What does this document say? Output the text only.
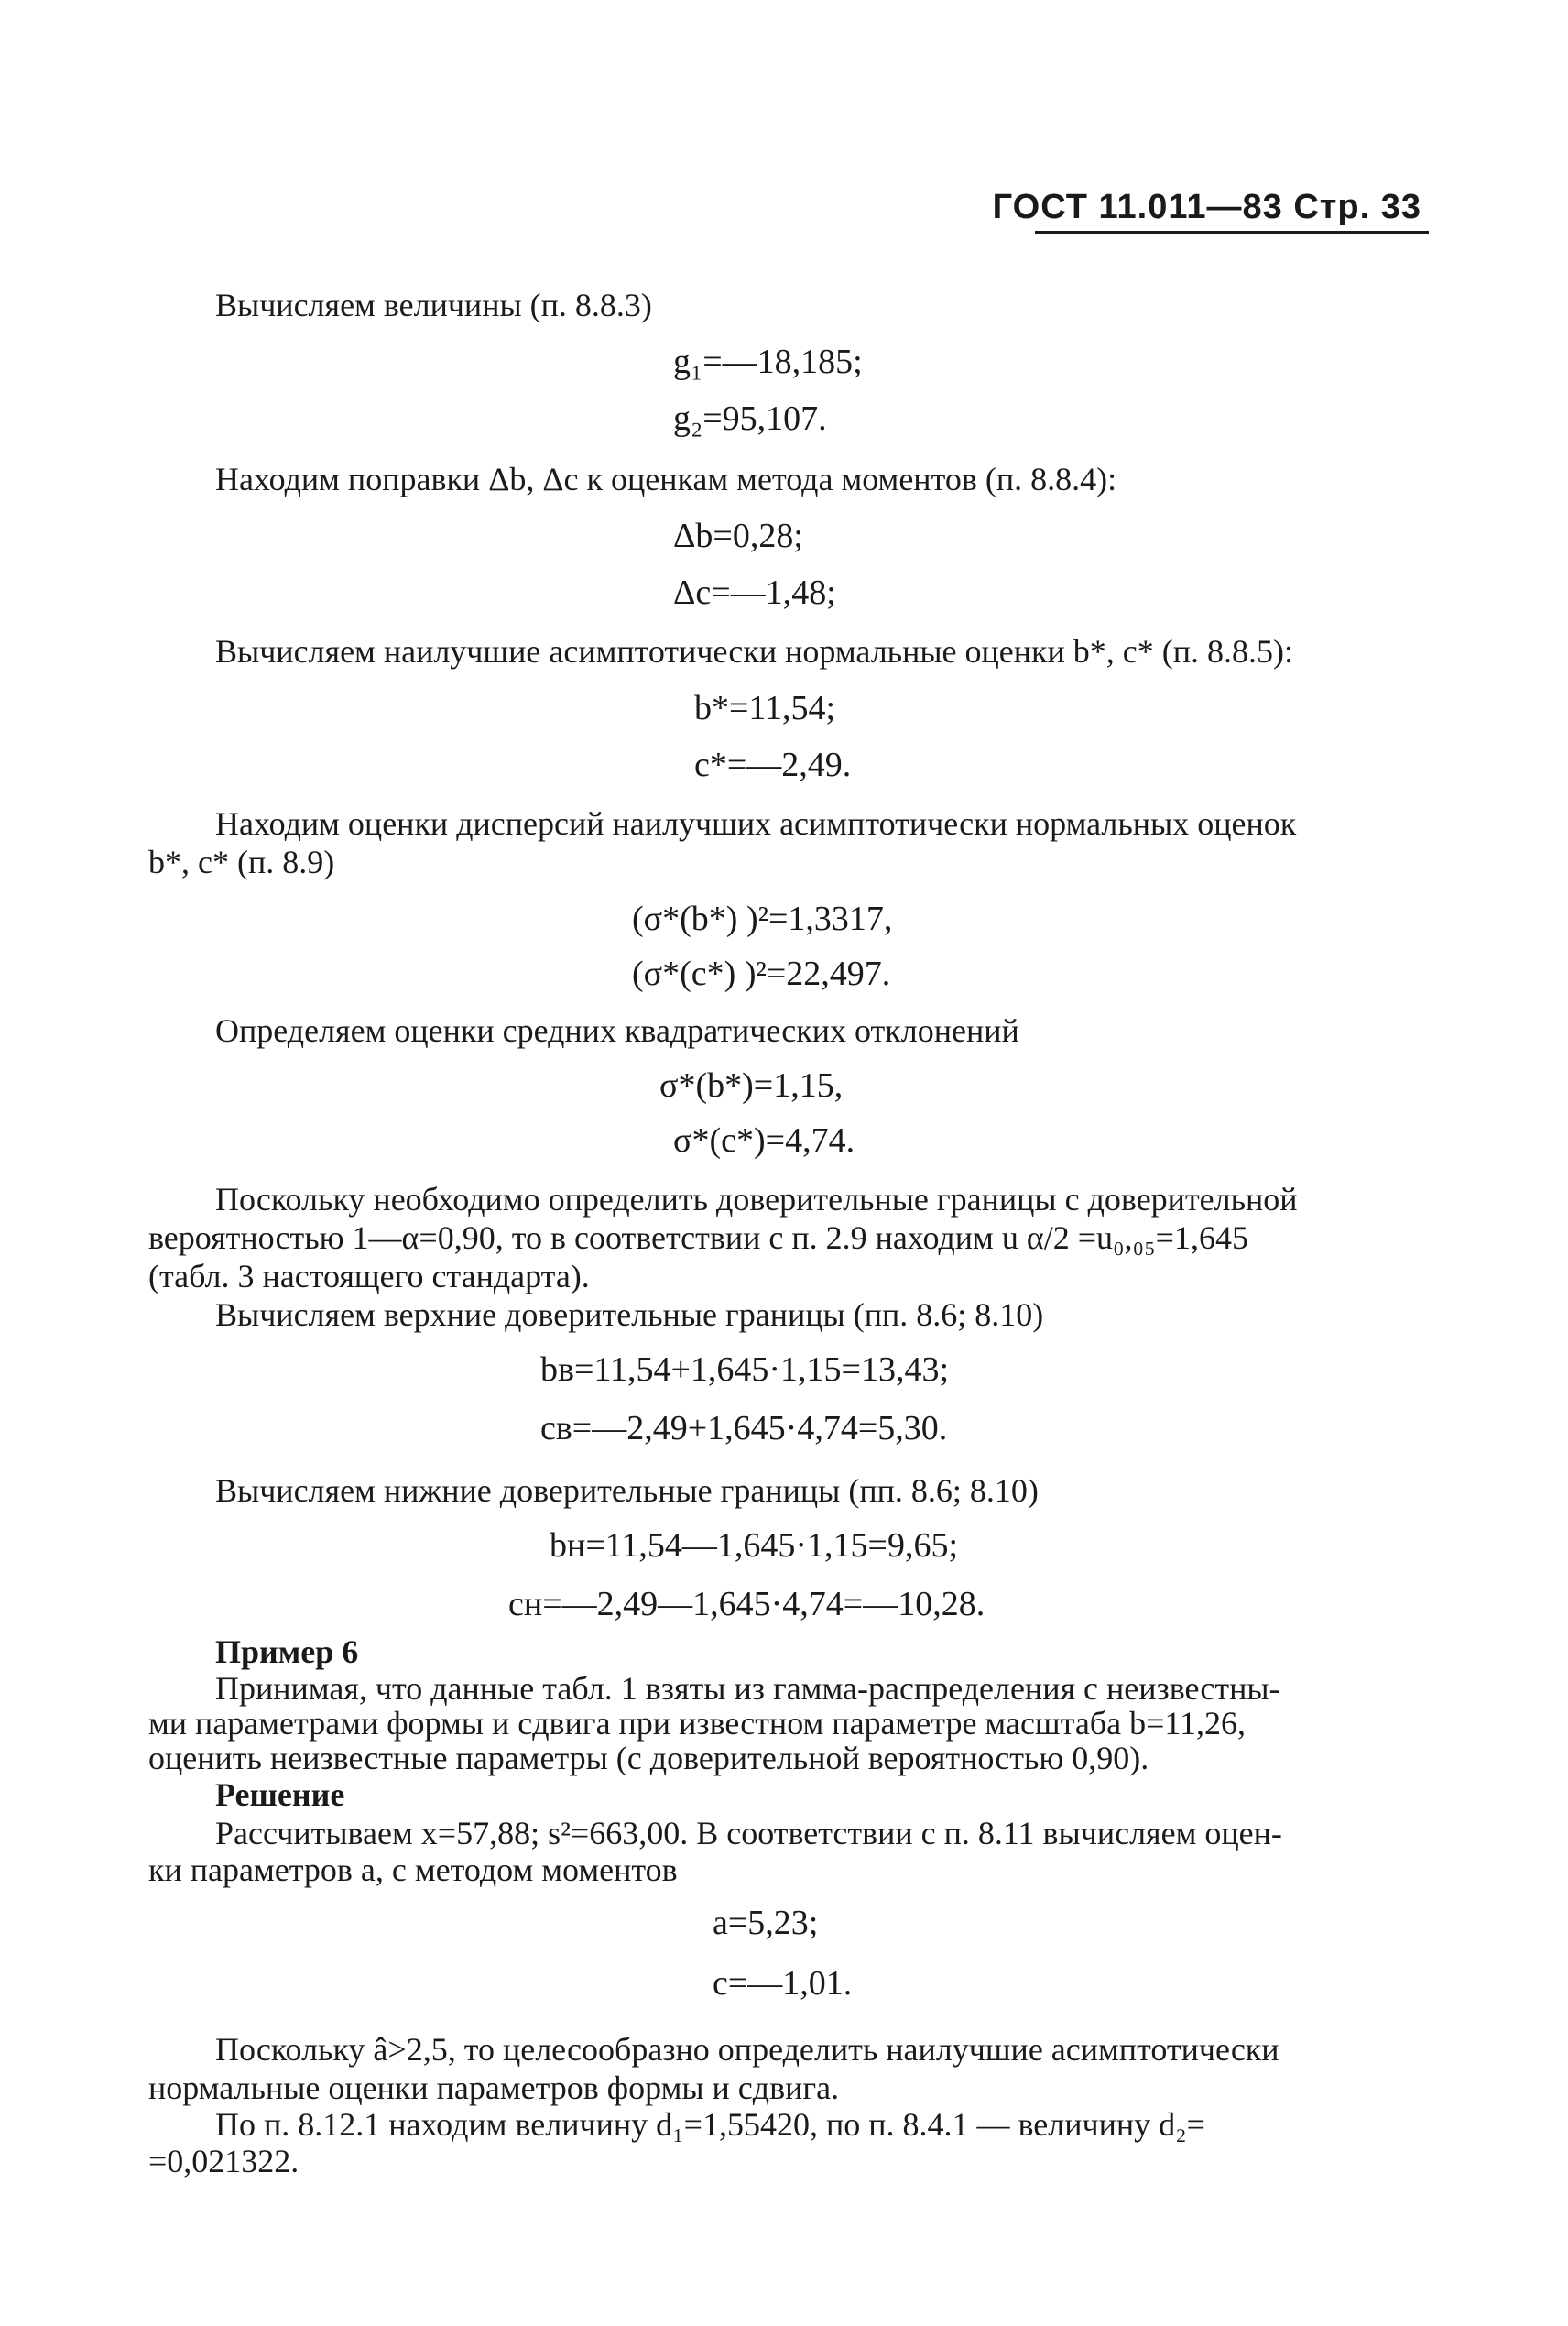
ГОСТ 11.011—83 Стр. 33
Вычисляем величины (п. 8.8.3)
g₁=—18,185;
g₂=95,107.
Находим поправки Δb, Δc к оценкам метода моментов (п. 8.8.4):
Δb=0,28;
Δc=—1,48;
Вычисляем наилучшие асимптотически нормальные оценки b*, c* (п. 8.8.5):
b*=11,54;
c*=—2,49.
Находим оценки дисперсий наилучших асимптотически нормальных оценок
b*, c* (п. 8.9)
(σ*(b*) )²=1,3317,
(σ*(c*) )²=22,497.
Определяем оценки средних квадратических отклонений
σ*(b*)=1,15,
σ*(c*)=4,74.
Поскольку необходимо определить доверительные границы с доверительной
вероятностью 1—α=0,90, то в соответствии с п. 2.9 находим u α/2 =u₀,₀₅=1,645
(табл. 3 настоящего стандарта).
Вычисляем верхние доверительные границы (пп. 8.6; 8.10)
bв=11,54+1,645·1,15=13,43;
cв=—2,49+1,645·4,74=5,30.
Вычисляем нижние доверительные границы (пп. 8.6; 8.10)
bн=11,54—1,645·1,15=9,65;
cн=—2,49—1,645·4,74=—10,28.
Пример 6
Принимая, что данные табл. 1 взяты из гамма-распределения с неизвестны-
ми параметрами формы и сдвига при известном параметре масштаба b=11,26,
оценить неизвестные параметры (с доверительной вероятностью 0,90).
Решение
Рассчитываем x=57,88; s²=663,00. В соответствии с п. 8.11 вычисляем оцен-
ки параметров a, c методом моментов
a=5,23;
c=—1,01.
Поскольку â>2,5, то целесообразно определить наилучшие асимптотически
нормальные оценки параметров формы и сдвига.
По п. 8.12.1 находим величину d₁=1,55420, по п. 8.4.1 — величину d₂=
=0,021322.
